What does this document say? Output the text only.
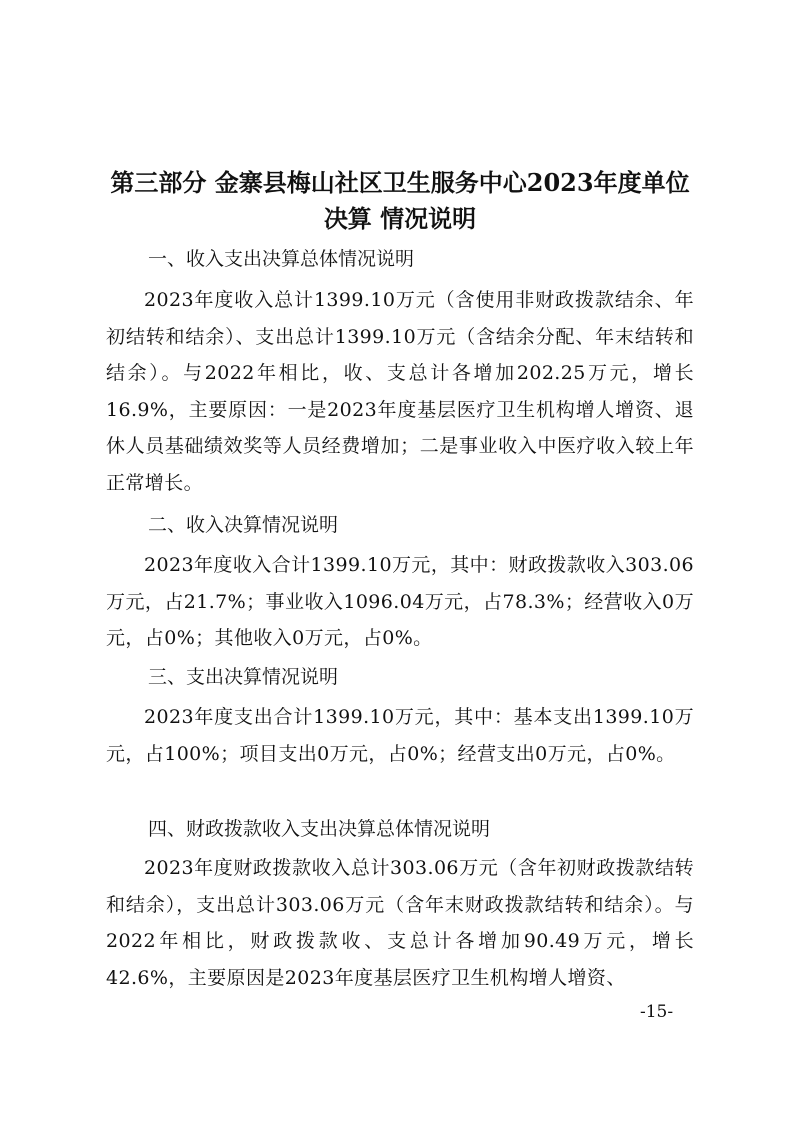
第三部分 金寨县梅山社区卫生服务中心2023年度单位决算 情况说明
一、收入支出决算总体情况说明
2023年度收入总计1399.10万元（含使用非财政拨款结余、年初结转和结余）、支出总计1399.10万元（含结余分配、年末结转和结余）。与2022年相比，收、支总计各增加202.25万元，增长16.9%，主要原因：一是2023年度基层医疗卫生机构增人增资、退休人员基础绩效奖等人员经费增加；二是事业收入中医疗收入较上年正常增长。
二、收入决算情况说明
2023年度收入合计1399.10万元，其中：财政拨款收入303.06万元，占21.7%；事业收入1096.04万元，占78.3%；经营收入0万元，占0%；其他收入0万元，占0%。
三、支出决算情况说明
2023年度支出合计1399.10万元，其中：基本支出1399.10万元，占100%；项目支出0万元，占0%；经营支出0万元，占0%。
四、财政拨款收入支出决算总体情况说明
2023年度财政拨款收入总计303.06万元（含年初财政拨款结转和结余），支出总计303.06万元（含年末财政拨款结转和结余）。与2022年相比，财政拨款收、支总计各增加90.49万元，增长42.6%，主要原因是2023年度基层医疗卫生机构增人增资、
-15-
